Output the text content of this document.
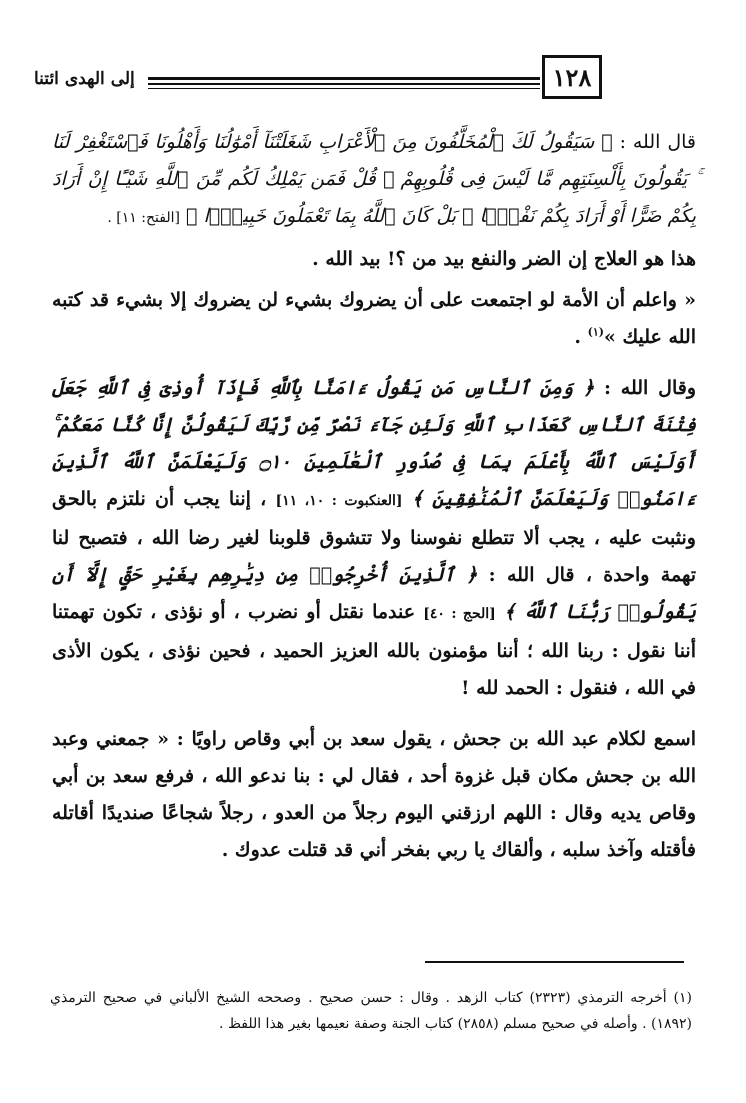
إلى الهدى ائتنا	١٢٨

قال الله : ﴿ سَيَقُولُ لَكَ ٱلْمُخَلَّفُونَ مِنَ ٱلْأَعْرَابِ شَغَلَتْنَآ أَمْوَٰلُنَا وَأَهْلُونَا فَٱسْتَغْفِرْ لَنَا ۚ يَقُولُونَ بِأَلْسِنَتِهِم مَّا لَيْسَ فِى قُلُوبِهِمْ ۚ قُلْ فَمَن يَمْلِكُ لَكُم مِّنَ ٱللَّهِ شَيْـًٔا إِنْ أَرَادَ بِكُمْ ضَرًّا أَوْ أَرَادَ بِكُمْ نَفْعًۢا ۚ بَلْ كَانَ ٱللَّهُ بِمَا تَعْمَلُونَ خَبِيرًۢا ﴾ [الفتح: ١١] .

هذا هو العلاج إن الضر والنفع بيد من ؟! بيد الله .

« واعلم أن الأمة لو اجتمعت على أن يضروك بشيء لن يضروك إلا بشيء قد كتبه الله عليك »$^{(١)}$ .

وقال الله : ﴿ وَمِنَ ٱلنَّاسِ مَن يَقُولُ ءَامَنَّا بِٱللَّهِ فَإِذَآ أُوذِىَ فِى ٱللَّهِ جَعَلَ فِتْنَةَ ٱلنَّاسِ كَعَذَابِ ٱللَّهِ وَلَئِن جَآءَ نَصْرٌ مِّن رَّبِّكَ لَيَقُولُنَّ إِنَّا كُنَّا مَعَكُمْ ۚ أَوَلَيْسَ ٱللَّهُ بِأَعْلَمَ بِمَا فِى صُدُورِ ٱلْعَٰلَمِينَ ۝١٠ وَلَيَعْلَمَنَّ ٱللَّهُ ٱلَّذِينَ ءَامَنُوا۟ وَلَيَعْلَمَنَّ ٱلْمُنَٰفِقِينَ ﴾ [العنكبوت : ١٠، ١١] ، إننا يجب أن نلتزم بالحق ونثبت عليه ، يجب ألا تتطلع نفوسنا ولا تتشوق قلوبنا لغير رضا الله ، فتصبح لنا تهمة واحدة ، قال الله : ﴿ ٱلَّذِينَ أُخْرِجُوا۟ مِن دِيَٰرِهِم بِغَيْرِ حَقٍّ إِلَّآ أَن يَقُولُوا۟ رَبُّنَا ٱللَّهُ ﴾ [الحج : ٤٠] عندما نقتل أو نضرب ، أو نؤذى ، تكون تهمتنا أننا نقول : ربنا الله ؛ أننا مؤمنون بالله العزيز الحميد ، فحين نؤذى ، يكون الأذى في الله ، فنقول : الحمد لله !

اسمع لكلام عبد الله بن جحش ، يقول سعد بن أبي وقاص راويًا : « جمعني وعبد الله بن جحش مكان قبل غزوة أحد ، فقال لي : بنا ندعو الله ، فرفع سعد بن أبي وقاص يديه وقال : اللهم ارزقني اليوم رجلاً من العدو ، رجلاً شجاعًا صنديدًا أقاتله فأقتله وآخذ سلبه ، وألقاك يا ربي بفخر أني قد قتلت عدوك .

(١) أخرجه الترمذي (٢٣٢٣) كتاب الزهد . وقال : حسن صحيح . وصححه الشيخ الألباني في صحيح الترمذي (١٨٩٢) . وأصله في صحيح مسلم (٢٨٥٨) كتاب الجنة وصفة نعيمها بغير هذا اللفظ .
